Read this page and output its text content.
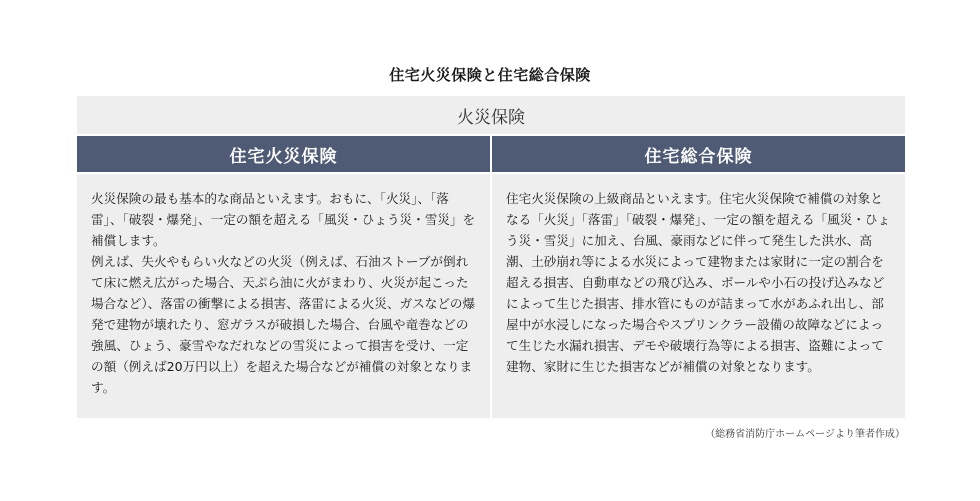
住宅火災保険と住宅総合保険
火災保険
住宅火災保険	住宅総合保険

火災保険の最も基本的な商品といえます。おもに、「火災」、「落雷」、「破裂・爆発」、一定の額を超える「風災・ひょう災・雪災」を補償します。

例えば、失火やもらい火などの火災（例えば、石油ストーブが倒れて床に燃え広がった場合、天ぷら油に火がまわり、火災が起こった場合など）、落雷の衝撃による損害、落雷による火災、ガスなどの爆発で建物が壊れたり、窓ガラスが破損した場合、台風や竜巻などの強風、ひょう、豪雪やなだれなどの雪災によって損害を受け、一定の額（例えば20万円以上）を超えた場合などが補償の対象となります。

住宅火災保険の上級商品といえます。住宅火災保険で補償の対象となる「火災」「落雷」「破裂・爆発」、一定の額を超える「風災・ひょう災・雪災」に加え、台風、豪雨などに伴って発生した洪水、高潮、土砂崩れ等による水災によって建物または家財に一定の割合を超える損害、自動車などの飛び込み、ボールや小石の投げ込みなどによって生じた損害、排水管にものが詰まって水があふれ出し、部屋中が水浸しになった場合やスプリンクラー設備の故障などによって生じた水漏れ損害、デモや破壊行為等による損害、盗難によって建物、家財に生じた損害などが補償の対象となります。

（総務省消防庁ホームページより筆者作成）
